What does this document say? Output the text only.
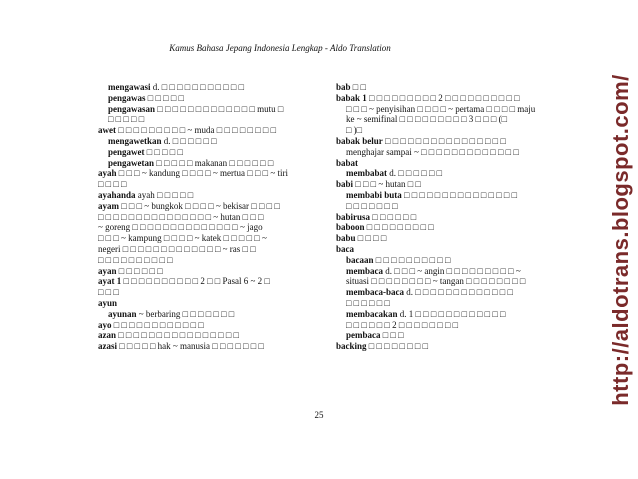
Kamus Bahasa Jepang Indonesia Lengkap - Aldo Translation
mengawasi d. □ □ □ □ □ □ □ □ □ □ □
pengawas □ □ □ □ □
pengawasan □ □ □ □ □ □ □ □ □ □ □ □ □ mutu □
□ □ □ □ □
awet □ □ □ □ □ □ □ □ □ ~ muda □ □ □ □ □ □ □ □
mengawetkan d. □ □ □ □ □ □
pengawet □ □ □ □ □
pengawetan □ □ □ □ □ makanan □ □ □ □ □ □
ayah □ □ □ ~ kandung □ □ □ □ ~ mertua □ □ □ ~ tiri
□ □ □ □
ayahanda ayah □ □ □ □ □
ayam □ □ □ ~ bungkok □ □ □ □ ~ bekisar □ □ □ □
□ □ □ □ □ □ □ □ □ □ □ □ □ □ □ ~ hutan □ □ □
~ goreng □ □ □ □ □ □ □ □ □ □ □ □ □ □ ~ jago
□ □ □ ~ kampung □ □ □ □ ~ katek □ □ □ □ □ ~
negeri □ □ □ □ □ □ □ □ □ □ □ □ □ ~ ras □ □
□ □ □ □ □ □ □ □ □ □
ayan □ □ □ □ □ □
ayat 1 □ □ □ □ □ □ □ □ □ □ 2 □ □ Pasal 6 ~ 2 □
□ □ □
ayun
ayunan ~ berbaring □ □ □ □ □ □ □
ayo □ □ □ □ □ □ □ □ □ □ □ □
azan □ □ □ □ □ □ □ □ □ □ □ □ □ □ □ □
azasi □ □ □ □ □ hak ~ manusia □ □ □ □ □ □ □
bab □ □
babak 1 □ □ □ □ □ □ □ □ □ 2 □ □ □ □ □ □ □ □ □ □
□ □ □ ~ penyisihan □ □ □ □ ~ pertama □ □ □ □ maju
ke ~ semifinal □ □ □ □ □ □ □ □ □ 3 □ □ □ (□
□ )□
babak belur □ □ □ □ □ □ □ □ □ □ □ □ □ □ □ □
menghajar sampai ~ □ □ □ □ □ □ □ □ □ □ □ □ □
babat
membabat d. □ □ □ □ □ □
babi □ □ □ ~ hutan □ □
membabi buta □ □ □ □ □ □ □ □ □ □ □ □ □ □ □
□ □ □ □ □ □ □
babirusa □ □ □ □ □ □
baboon □ □ □ □ □ □ □ □ □
babu □ □ □ □
baca
bacaan □ □ □ □ □ □ □ □ □ □
membaca d. □ □ □ ~ angin □ □ □ □ □ □ □ □ □ ~
situasi □ □ □ □ □ □ □ □ ~ tangan □ □ □ □ □ □ □ □
membaca-baca d. □ □ □ □ □ □ □ □ □ □ □ □ □
□ □ □ □ □ □
membacakan d. 1 □ □ □ □ □ □ □ □ □ □ □ □
□ □ □ □ □ □ 2 □ □ □ □ □ □ □ □
pembaca □ □ □
backing □ □ □ □ □ □ □ □
25
http://aldotrans.blogspot.com/
